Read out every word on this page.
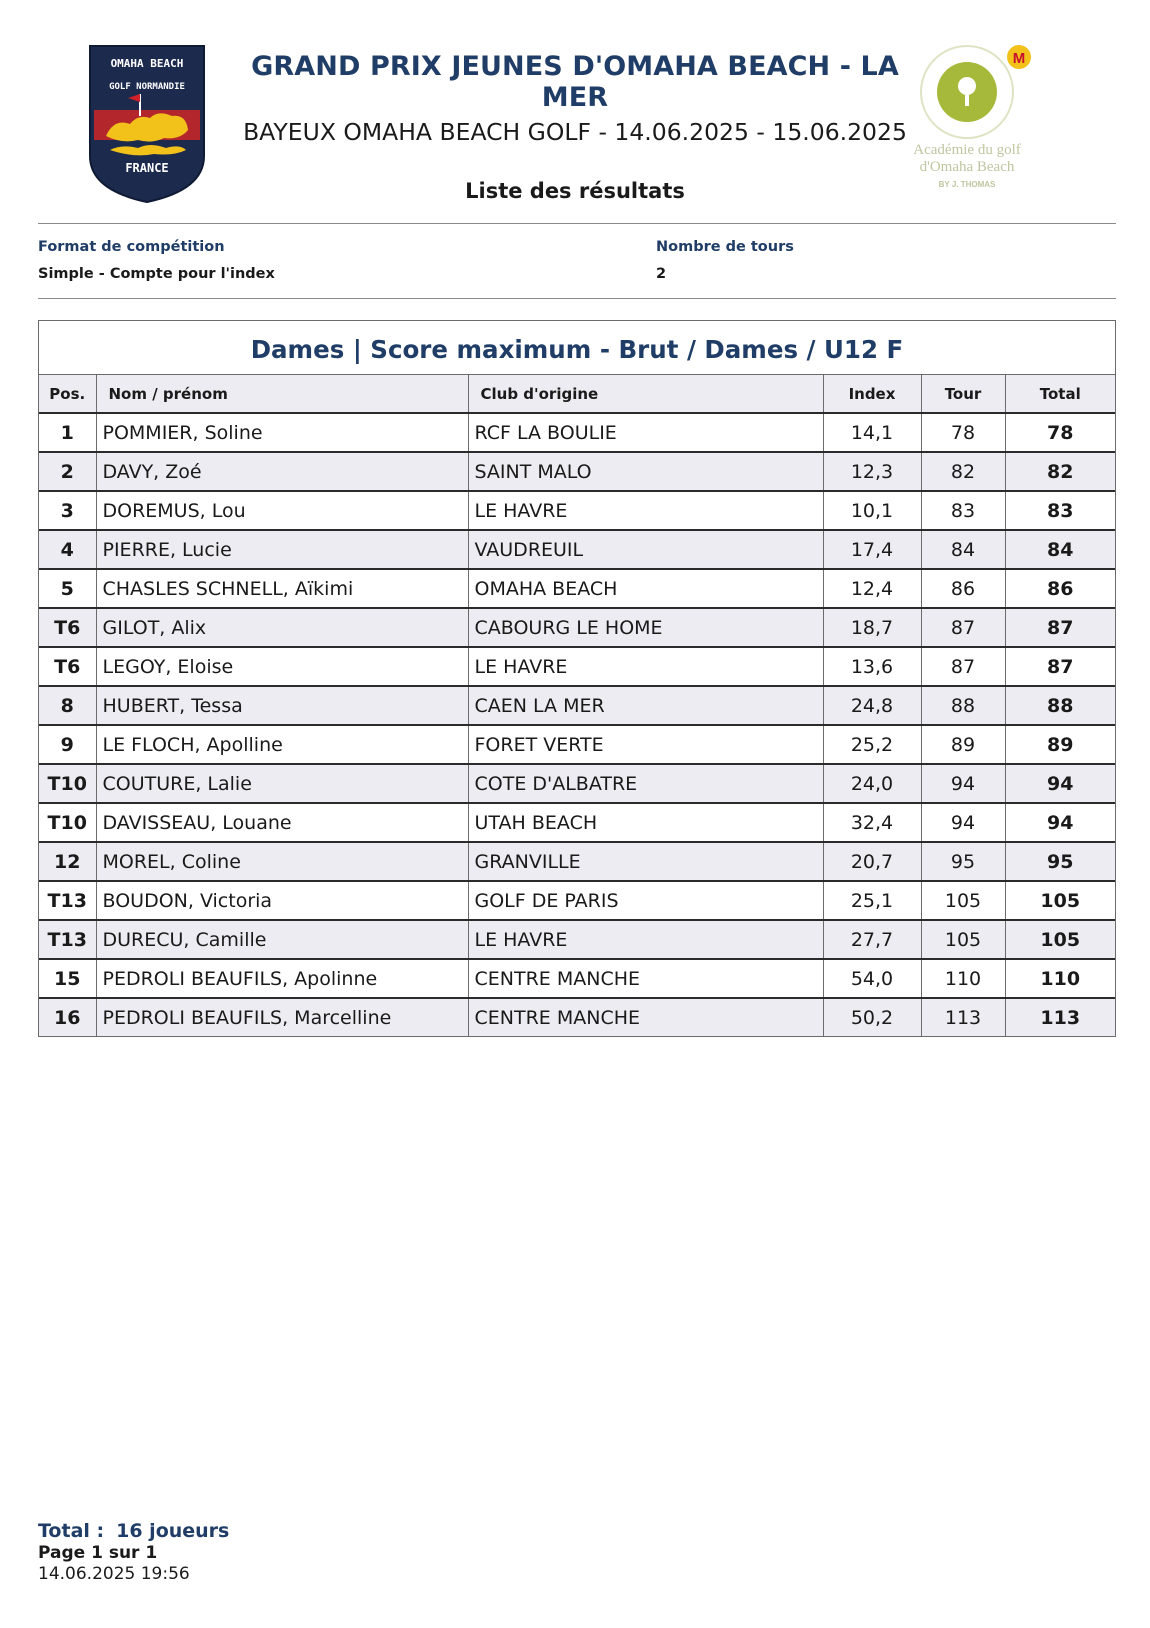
OMAHA BEACH
GOLF NORMANDIE
FRANCE
GRAND PRIX JEUNES D'OMAHA BEACH - LA MER
BAYEUX OMAHA BEACH GOLF - 14.06.2025 - 15.06.2025
Liste des résultats
M
Académie du golf
d'Omaha Beach
BY J. THOMAS
Format de compétition
Simple - Compte pour l'index
Nombre de tours
2
Dames | Score maximum - Brut / Dames / U12 F
Pos.	Nom / prénom	Club d'origine	Index	Tour	Total
1	POMMIER, Soline	RCF LA BOULIE	14,1	78	78
2	DAVY, Zoé	SAINT MALO	12,3	82	82
3	DOREMUS, Lou	LE HAVRE	10,1	83	83
4	PIERRE, Lucie	VAUDREUIL	17,4	84	84
5	CHASLES SCHNELL, Aïkimi	OMAHA BEACH	12,4	86	86
T6	GILOT, Alix	CABOURG LE HOME	18,7	87	87
T6	LEGOY, Eloise	LE HAVRE	13,6	87	87
8	HUBERT, Tessa	CAEN LA MER	24,8	88	88
9	LE FLOCH, Apolline	FORET VERTE	25,2	89	89
T10	COUTURE, Lalie	COTE D'ALBATRE	24,0	94	94
T10	DAVISSEAU, Louane	UTAH BEACH	32,4	94	94
12	MOREL, Coline	GRANVILLE	20,7	95	95
T13	BOUDON, Victoria	GOLF DE PARIS	25,1	105	105
T13	DURECU, Camille	LE HAVRE	27,7	105	105
15	PEDROLI BEAUFILS, Apolinne	CENTRE MANCHE	54,0	110	110
16	PEDROLI BEAUFILS, Marcelline	CENTRE MANCHE	50,2	113	113
Total : 16 joueurs
Page 1 sur 1
14.06.2025 19:56
